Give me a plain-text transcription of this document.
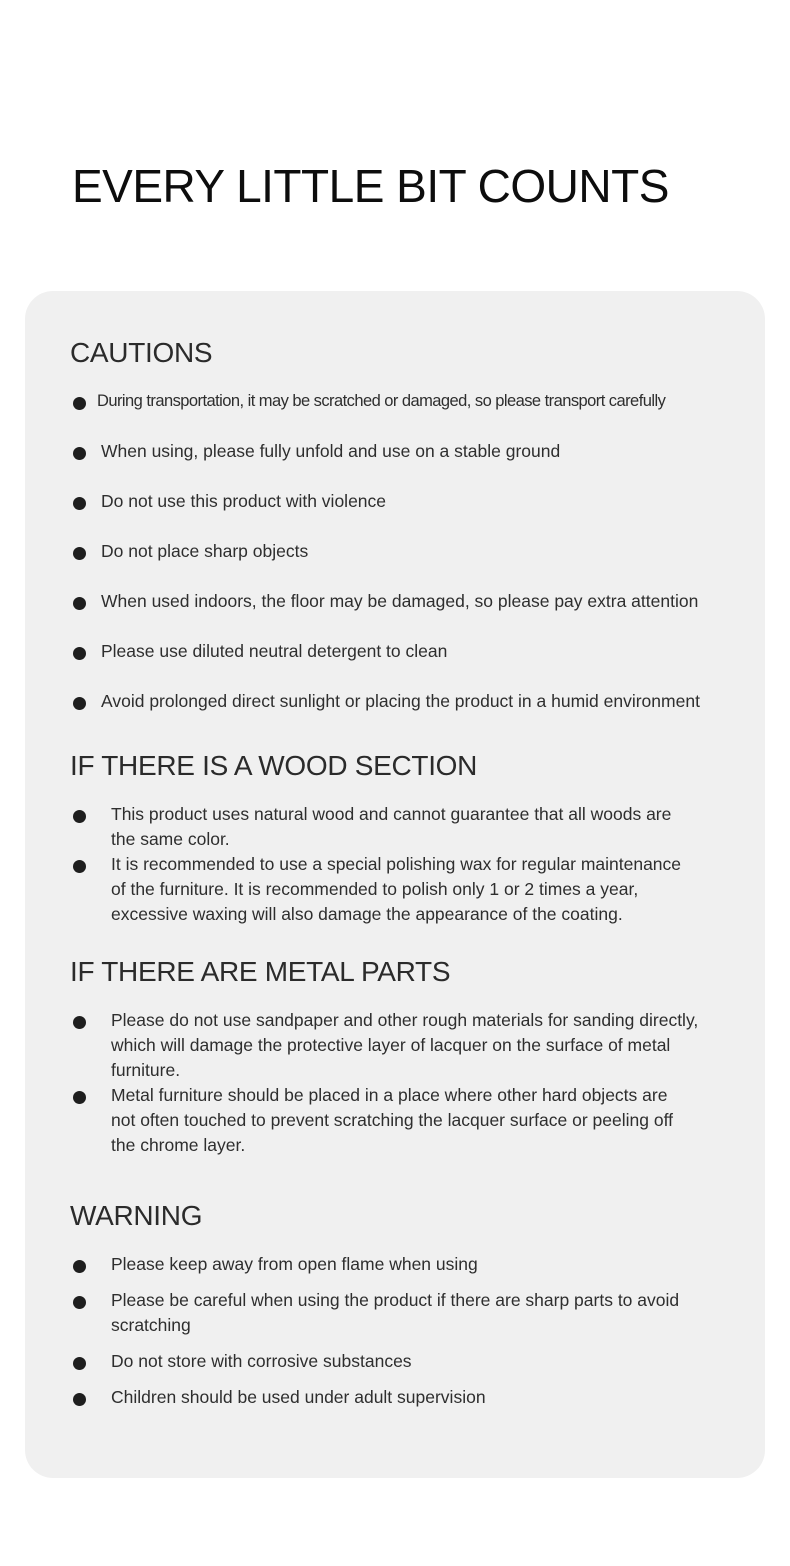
EVERY LITTLE BIT COUNTS
CAUTIONS
During transportation, it may be scratched or damaged, so please transport carefully
When using, please fully unfold and use on a stable ground
Do not use this product with violence
Do not place sharp objects
When used indoors, the floor may be damaged, so please pay extra attention
Please use diluted neutral detergent to clean
Avoid prolonged direct sunlight or placing the product in a humid environment
IF THERE IS A WOOD SECTION
This product uses natural wood and cannot guarantee that all woods are
the same color.
It is recommended to use a special polishing wax for regular maintenance
of the furniture. It is recommended to polish only 1 or 2 times a year,
excessive waxing will also damage the appearance of the coating.
IF THERE ARE METAL PARTS
Please do not use sandpaper and other rough materials for sanding directly,
which will damage the protective layer of lacquer on the surface of metal
furniture.
Metal furniture should be placed in a place where other hard objects are
not often touched to prevent scratching the lacquer surface or peeling off
the chrome layer.
WARNING
Please keep away from open flame when using
Please be careful when using the product if there are sharp parts to avoid
scratching
Do not store with corrosive substances
Children should be used under adult supervision
